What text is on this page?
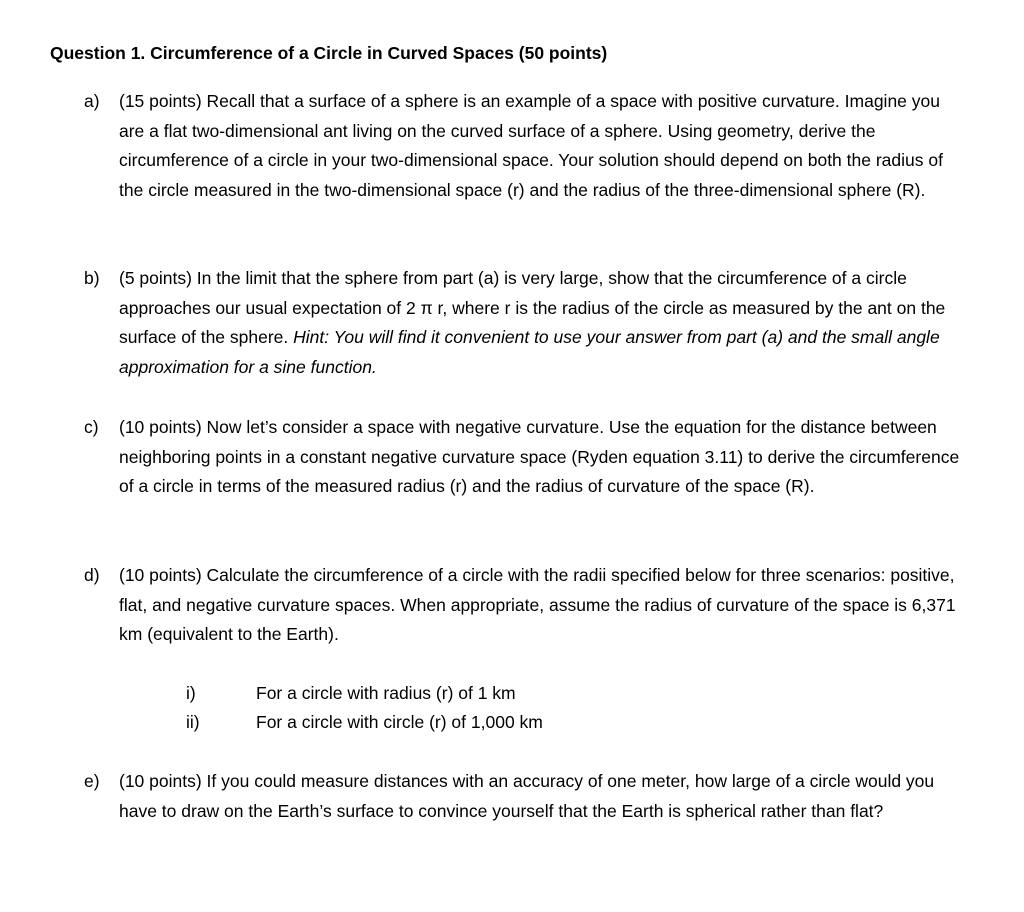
Question 1. Circumference of a Circle in Curved Spaces (50 points)
a)	(15 points) Recall that a surface of a sphere is an example of a space with positive curvature. Imagine you are a flat two-dimensional ant living on the curved surface of a sphere. Using geometry, derive the circumference of a circle in your two-dimensional space. Your solution should depend on both the radius of the circle measured in the two-dimensional space (r) and the radius of the three-dimensional sphere (R).

b)	(5 points) In the limit that the sphere from part (a) is very large, show that the circumference of a circle approaches our usual expectation of 2 π r, where r is the radius of the circle as measured by the ant on the surface of the sphere. Hint: You will find it convenient to use your answer from part (a) and the small angle approximation for a sine function.

c)	(10 points) Now let’s consider a space with negative curvature. Use the equation for the distance between neighboring points in a constant negative curvature space (Ryden equation 3.11) to derive the circumference of a circle in terms of the measured radius (r) and the radius of curvature of the space (R).

d)	(10 points) Calculate the circumference of a circle with the radii specified below for three scenarios: positive, flat, and negative curvature spaces. When appropriate, assume the radius of curvature of the space is 6,371 km (equivalent to the Earth).

i)	For a circle with radius (r) of 1 km
ii)	For a circle with circle (r) of 1,000 km
e)	(10 points) If you could measure distances with an accuracy of one meter, how large of a circle would you have to draw on the Earth’s surface to convince yourself that the Earth is spherical rather than flat?
